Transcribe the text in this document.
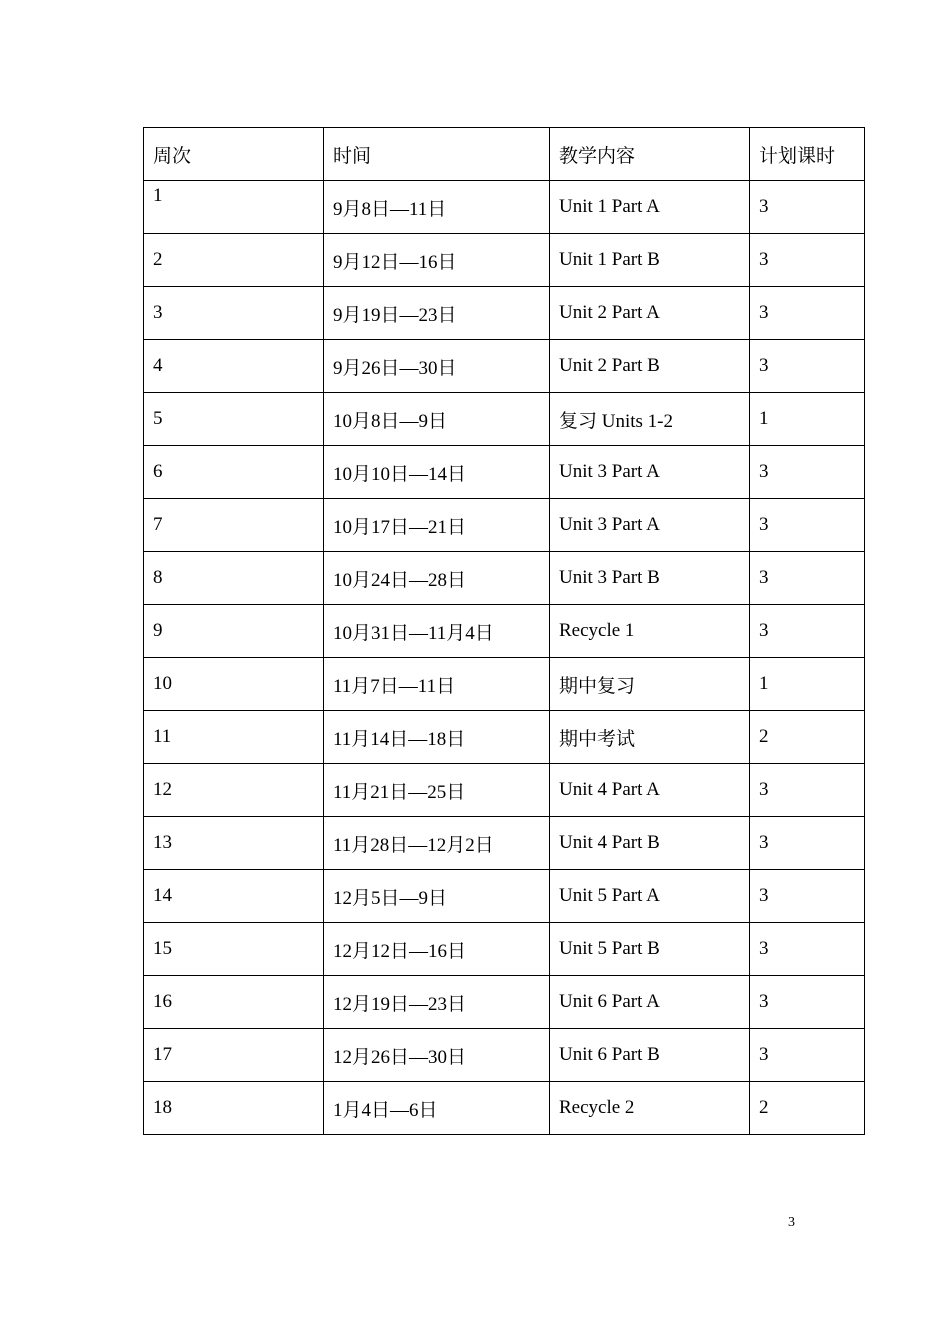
周次	时间	教学内容	计划课时
1	9月8日—11日	Unit 1 Part A	3
2	9月12日—16日	Unit 1 Part B	3
3	9月19日—23日	Unit 2 Part A	3
4	9月26日—30日	Unit 2 Part B	3
5	10月8日—9日	复习 Units 1-2	1
6	10月10日—14日	Unit 3 Part A	3
7	10月17日—21日	Unit 3 Part A	3
8	10月24日—28日	Unit 3 Part B	3
9	10月31日—11月4日	Recycle 1	3
10	11月7日—11日	期中复习	1
11	11月14日—18日	期中考试	2
12	11月21日—25日	Unit 4 Part A	3
13	11月28日—12月2日	Unit 4 Part B	3
14	12月5日—9日	Unit 5 Part A	3
15	12月12日—16日	Unit 5 Part B	3
16	12月19日—23日	Unit 6 Part A	3
17	12月26日—30日	Unit 6 Part B	3
18	1月4日—6日	Recycle 2	2
3
